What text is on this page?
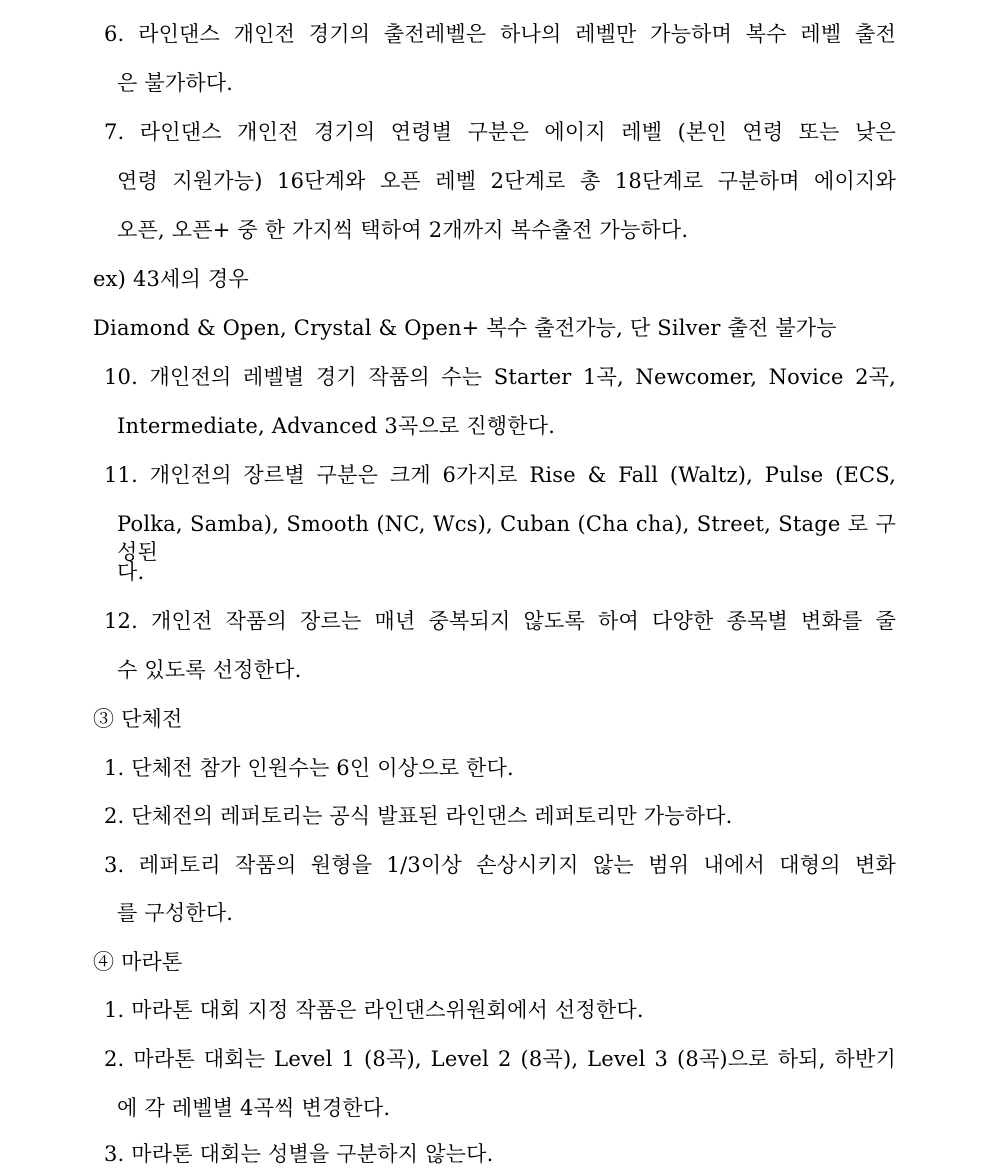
6. 라인댄스 개인전 경기의 출전레벨은 하나의 레벨만 가능하며 복수 레벨 출전
은 불가하다.
7. 라인댄스 개인전 경기의 연령별 구분은 에이지 레벨 (본인 연령 또는 낮은
연령 지원가능) 16단계와 오픈 레벨 2단계로 총 18단계로 구분하며 에이지와
오픈, 오픈+ 중 한 가지씩 택하여 2개까지 복수출전 가능하다.
ex) 43세의 경우
Diamond & Open, Crystal & Open+ 복수 출전가능, 단 Silver 출전 불가능
10. 개인전의 레벨별 경기 작품의 수는 Starter 1곡, Newcomer, Novice 2곡,
Intermediate, Advanced 3곡으로 진행한다.
11. 개인전의 장르별 구분은 크게 6가지로 Rise & Fall (Waltz), Pulse (ECS,
Polka, Samba), Smooth (NC, Wcs), Cuban (Cha cha), Street, Stage 로 구성된
다.
12. 개인전 작품의 장르는 매년 중복되지 않도록 하여 다양한 종목별 변화를 줄
수 있도록 선정한다.
③ 단체전
1. 단체전 참가 인원수는 6인 이상으로 한다.
2. 단체전의 레퍼토리는 공식 발표된 라인댄스 레퍼토리만 가능하다.
3. 레퍼토리 작품의 원형을 1/3이상 손상시키지 않는 범위 내에서 대형의 변화
를 구성한다.
④ 마라톤
1. 마라톤 대회 지정 작품은 라인댄스위원회에서 선정한다.
2. 마라톤 대회는 Level 1 (8곡), Level 2 (8곡), Level 3 (8곡)으로 하되, 하반기
에 각 레벨별 4곡씩 변경한다.
3. 마라톤 대회는 성별을 구분하지 않는다.
